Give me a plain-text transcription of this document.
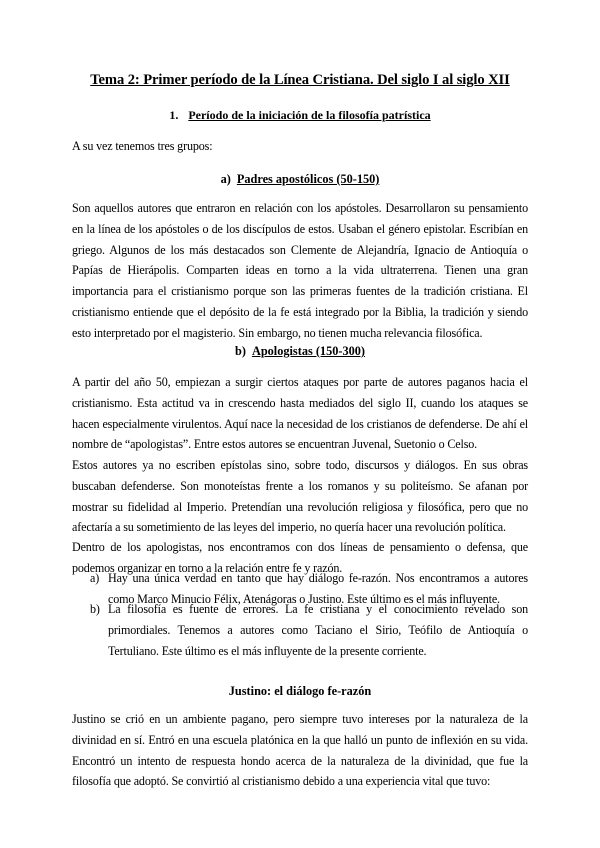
Tema 2: Primer período de la Línea Cristiana. Del siglo I al siglo XII

1. Período de la iniciación de la filosofía patrística

A su vez tenemos tres grupos:

a) Padres apostólicos (50-150)

Son aquellos autores que entraron en relación con los apóstoles. Desarrollaron su pensamiento en la línea de los apóstoles o de los discípulos de estos. Usaban el género epistolar. Escribían en griego. Algunos de los más destacados son Clemente de Alejandría, Ignacio de Antioquía o Papías de Hierápolis. Comparten ideas en torno a la vida ultraterrena. Tienen una gran importancia para el cristianismo porque son las primeras fuentes de la tradición cristiana. El cristianismo entiende que el depósito de la fe está integrado por la Biblia, la tradición y siendo esto interpretado por el magisterio. Sin embargo, no tienen mucha relevancia filosófica.

b) Apologistas (150-300)

A partir del año 50, empiezan a surgir ciertos ataques por parte de autores paganos hacia el cristianismo. Esta actitud va in crescendo hasta mediados del siglo II, cuando los ataques se hacen especialmente virulentos. Aquí nace la necesidad de los cristianos de defenderse. De ahí el nombre de “apologistas”. Entre estos autores se encuentran Juvenal, Suetonio o Celso.

Estos autores ya no escriben epístolas sino, sobre todo, discursos y diálogos. En sus obras buscaban defenderse. Son monoteístas frente a los romanos y su politeísmo. Se afanan por mostrar su fidelidad al Imperio. Pretendían una revolución religiosa y filosófica, pero que no afectaría a su sometimiento de las leyes del imperio, no quería hacer una revolución política.

Dentro de los apologistas, nos encontramos con dos líneas de pensamiento o defensa, que podemos organizar en torno a la relación entre fe y razón.

a) Hay una única verdad en tanto que hay diálogo fe-razón. Nos encontramos a autores como Marco Minucio Félix, Atenágoras o Justino. Este último es el más influyente.
b) La filosofía es fuente de errores. La fe cristiana y el conocimiento revelado son primordiales. Tenemos a autores como Taciano el Sirio, Teófilo de Antioquía o Tertuliano. Este último es el más influyente de la presente corriente.

Justino: el diálogo fe-razón

Justino se crió en un ambiente pagano, pero siempre tuvo intereses por la naturaleza de la divinidad en sí. Entró en una escuela platónica en la que halló un punto de inflexión en su vida. Encontró un intento de respuesta hondo acerca de la naturaleza de la divinidad, que fue la filosofía que adoptó. Se convirtió al cristianismo debido a una experiencia vital que tuvo:
